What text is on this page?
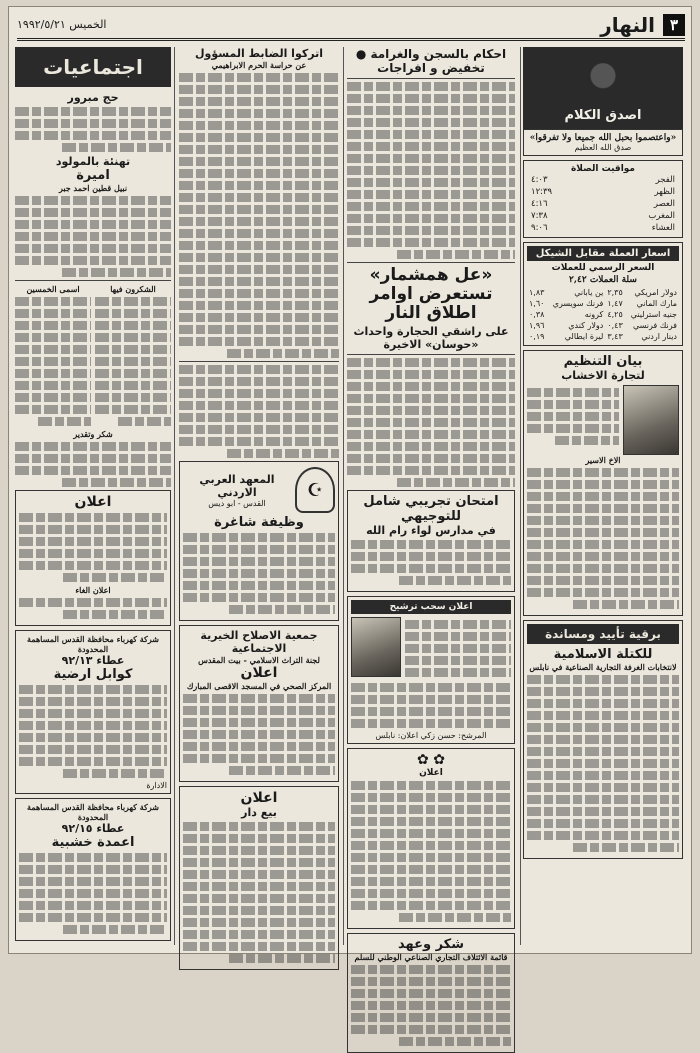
٣
النهار
الخميس ١٩٩٢/٥/٢١
اصدق الكلام
«واعتصموا بحبل الله جميعا ولا تفرقوا»
صدق الله العظيم
مواقيت الصلاة
الفجر	٤:٠٣
الظهر	١٢:٣٩
العصر	٤:١٦
المغرب	٧:٣٨
العشاء	٩:٠٦
اسعار العملة مقابل الشيكل
السعر الرسمي للعملات
سلة العملات ٢,٤٢
دولار امريكي	٢,٣٥	ين ياباني	١,٨٣
مارك الماني	١,٤٧	فرنك سويسري	١,٦٠
جنيه استرليني	٤,٢٥	كرونه	٠,٣٨
فرنك فرنسي	٠,٤٣	دولار كندي	١,٩٦
دينار اردني	٣,٤٣	ليرة ايطالي	٠,١٩
بيان التنظيم
لتجارة الاخشاب
الاخ الاسير
برقية تأييد ومساندة
للكتلة الاسلامية
لانتخابات الغرفة التجارية الصناعية في نابلس
احكام بالسجن والغرامة ● تخفيض و افراجات
«عل همشمار» تستعرض اوامر اطلاق النار
على راشقي الحجارة واحداث «حوسان» الاخيرة
امتحان تجريبي شامل للتوجيهي
في مدارس لواء رام الله
اعلان سحب ترشيح
المرشح: حسن زكي اعلان: نابلس
✿ ✿
اعلان
شكر وعهد
قائمة الائتلاف التجاري الصناعي الوطني للسلم
اتركوا الضابط المسؤول
عن حراسة الحرم الابراهيمي
☪
المعهد العربي الاردني
القدس - ابو ديس
وظيفة شاغرة
جمعية الاصلاح الخيرية الاجتماعية
لجنة التراث الاسلامي - بيت المقدس
اعلان
المركز الصحي في المسجد الاقصى المبارك
اعلان
بيع دار
اجتماعيات
حج مبرور
تهنئة بالمولود
اميرة
نبيل قطين احمد جبر
الشكرون فيها
اسمى الخمسين
شكر وتقدير
اعلان
اعلان الغاء
شركة كهرباء محافظة القدس المساهمة المحدودة
عطاء ٩٢/١٣
كوابل ارضية
الادارة
شركة كهرباء محافظة القدس المساهمة المحدودة
عطاء ٩٢/١٥
اعمدة خشبية
